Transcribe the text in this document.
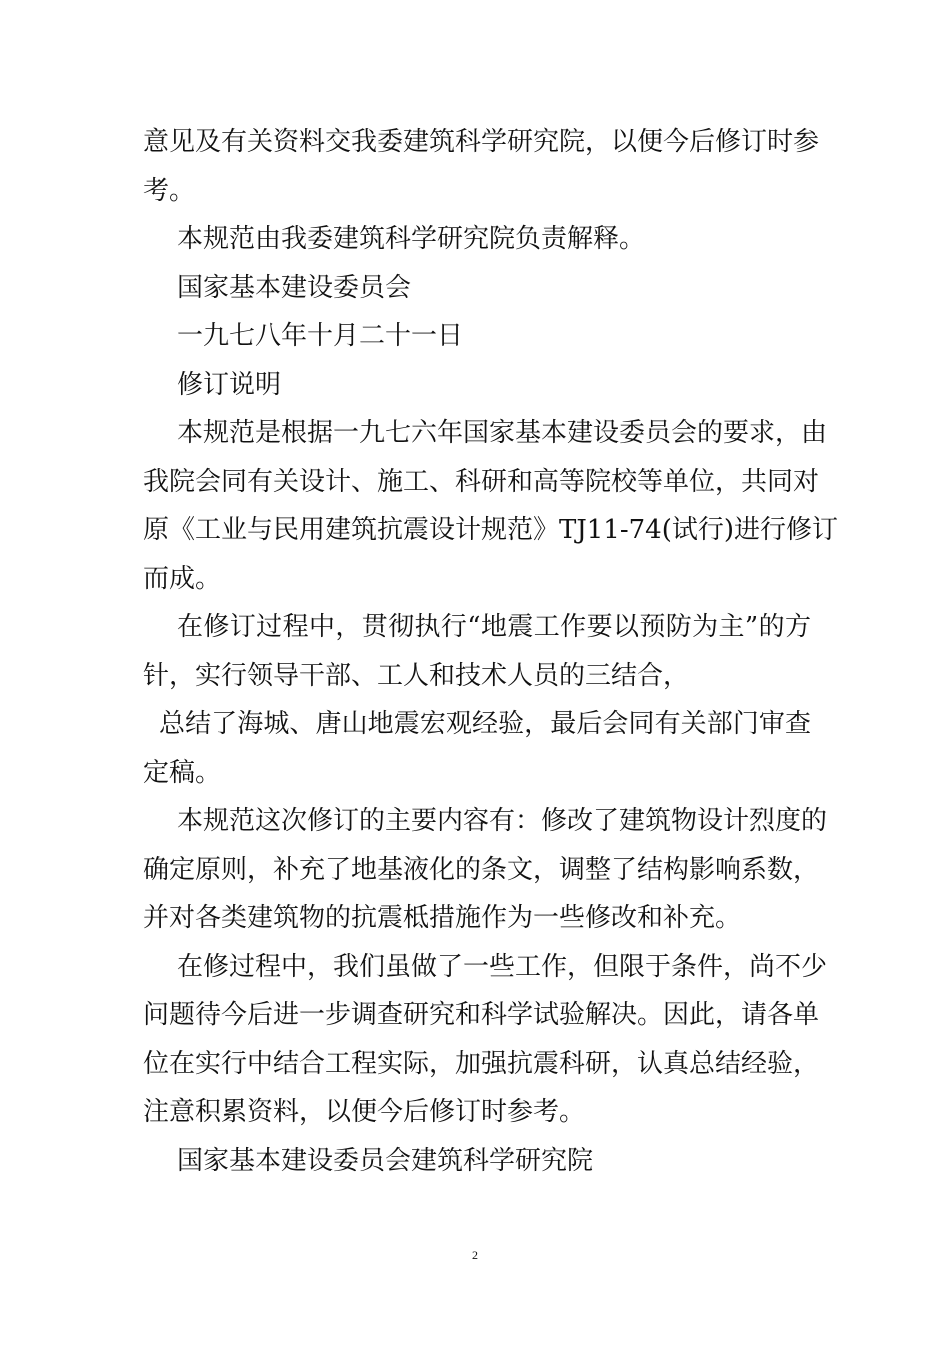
意见及有关资料交我委建筑科学研究院，以便今后修订时参
考。
本规范由我委建筑科学研究院负责解释。
国家基本建设委员会
一九七八年十月二十一日
修订说明
本规范是根据一九七六年国家基本建设委员会的要求，由
我院会同有关设计、施工、科研和高等院校等单位，共同对
原《工业与民用建筑抗震设计规范》TJ11-74(试行)进行修订
而成。
在修订过程中，贯彻执行“地震工作要以预防为主”的方
针，实行领导干部、工人和技术人员的三结合，
总结了海城、唐山地震宏观经验，最后会同有关部门审查
定稿。
本规范这次修订的主要内容有：修改了建筑物设计烈度的
确定原则，补充了地基液化的条文，调整了结构影响系数，
并对各类建筑物的抗震柢措施作为一些修改和补充。
在修过程中，我们虽做了一些工作，但限于条件，尚不少
问题待今后进一步调查研究和科学试验解决。因此，请各单
位在实行中结合工程实际，加强抗震科研，认真总结经验，
注意积累资料，以便今后修订时参考。
国家基本建设委员会建筑科学研究院
2
